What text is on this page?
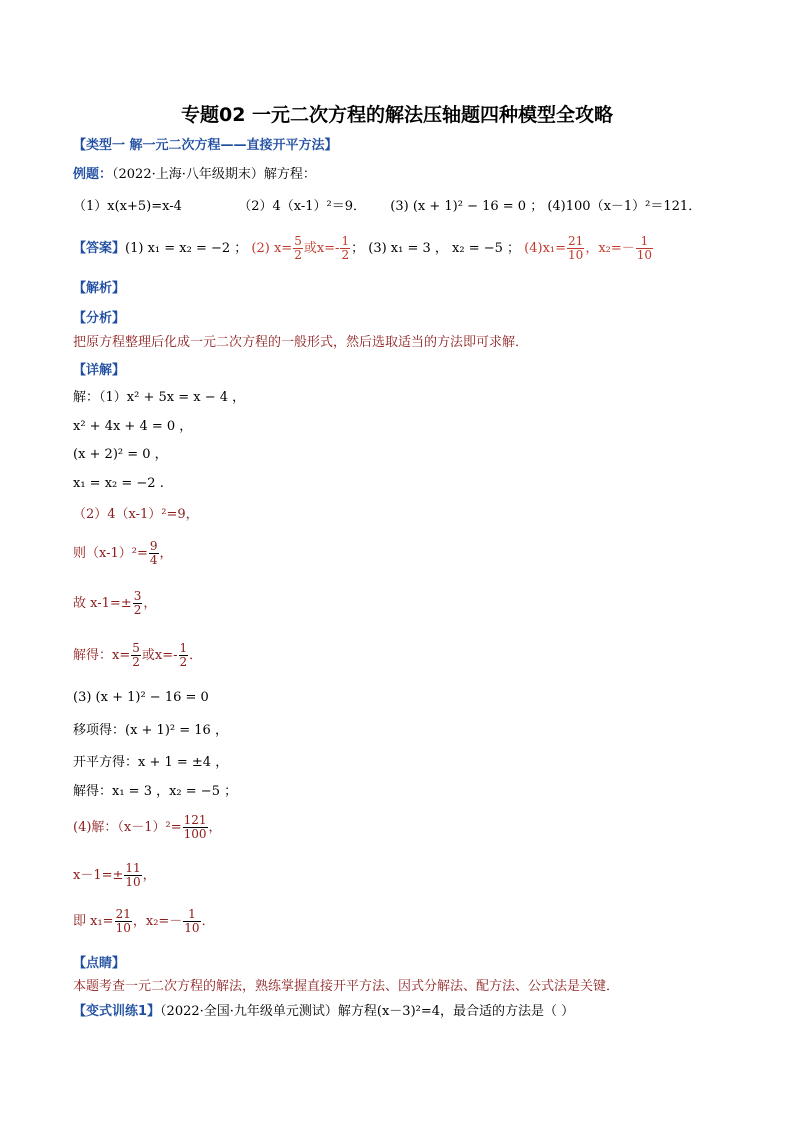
专题02 一元二次方程的解法压轴题四种模型全攻略
【类型一 解一元二次方程——直接开平方法】
例题：（2022·上海·八年级期末）解方程：
（1）x(x+5)=x-4	（2）4（x-1）²＝9． (3) (x + 1)² − 16 = 0 ； (4)100（x－1）²＝121．
【答案】(1) x₁ = x₂ = −2 ； (2) $x= \frac{5}{2}$ 或$x=- \frac{1}{2}$ ； (3) x₁ = 3 ， x₂ = −5 ； $(4)x_1= \frac{21}{10}$ ，$x_2=- \frac{1}{10}$
【解析】
【分析】
把原方程整理后化成一元二次方程的一般形式，然后选取适当的方法即可求解．
【详解】
解：（1）x² + 5x = x − 4 ，
x² + 4x + 4 = 0 ，
(x + 2)² = 0 ，
x₁ = x₂ = −2 .
（2）4（x-1）²=9，
则$(x-1)^2= \frac{9}{4}$ ，
故 $x-1=\pm \frac{3}{2}$ ，
解得：$x= \frac{5}{2}$ 或$x=- \frac{1}{2}$ ．
(3) (x + 1)² − 16 = 0
移项得：(x + 1)² = 16 ，
开平方得：x + 1 = ±4 ，
解得：x₁ = 3 ，x₂ = −5 ；
(4)解：$(x-1)^2= \frac{121}{100}$ ，
$x-1=\pm \frac{11}{10}$ ，
即 $x_1= \frac{21}{10}$ ，$x_2=- \frac{1}{10}$ ．
【点睛】
本题考查一元二次方程的解法，熟练掌握直接开平方法、因式分解法、配方法、公式法是关键．
【变式训练1】（2022·全国·九年级单元测试）解方程(x－3)²=4，最合适的方法是（ ）
